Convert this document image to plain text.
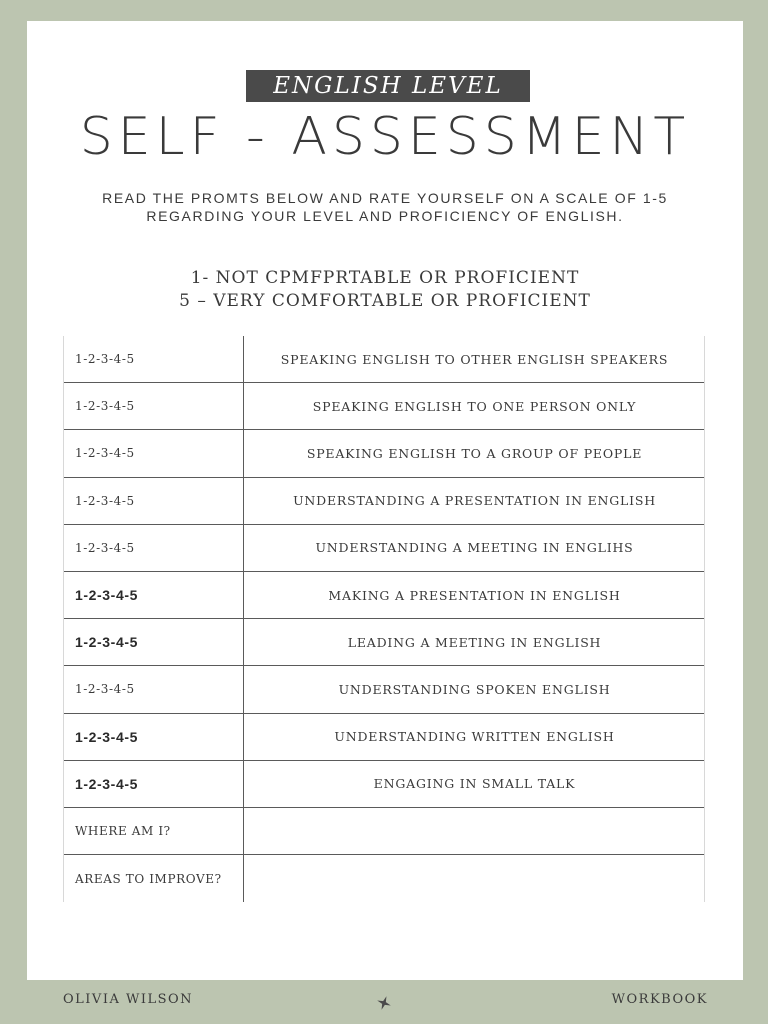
ENGLISH LEVEL
SELF - ASSESSMENT
READ THE PROMTS BELOW AND RATE YOURSELF ON A SCALE OF 1-5
REGARDING YOUR LEVEL AND PROFICIENCY OF ENGLISH.
1- NOT CPMFPRTABLE OR PROFICIENT
5 – VERY COMFORTABLE OR PROFICIENT
1-2-3-4-5	SPEAKING ENGLISH TO OTHER ENGLISH SPEAKERS
1-2-3-4-5	SPEAKING ENGLISH TO ONE PERSON ONLY
1-2-3-4-5	SPEAKING ENGLISH TO A GROUP OF PEOPLE
1-2-3-4-5	UNDERSTANDING A PRESENTATION IN ENGLISH
1-2-3-4-5	UNDERSTANDING A MEETING IN ENGLIHS
1-2-3-4-5	MAKING A PRESENTATION IN ENGLISH
1-2-3-4-5	LEADING A MEETING IN ENGLISH
1-2-3-4-5	UNDERSTANDING SPOKEN ENGLISH
1-2-3-4-5	UNDERSTANDING WRITTEN ENGLISH
1-2-3-4-5	ENGAGING IN SMALL TALK
WHERE AM I?
AREAS TO IMPROVE?
OLIVIA WILSON	WORKBOOK
